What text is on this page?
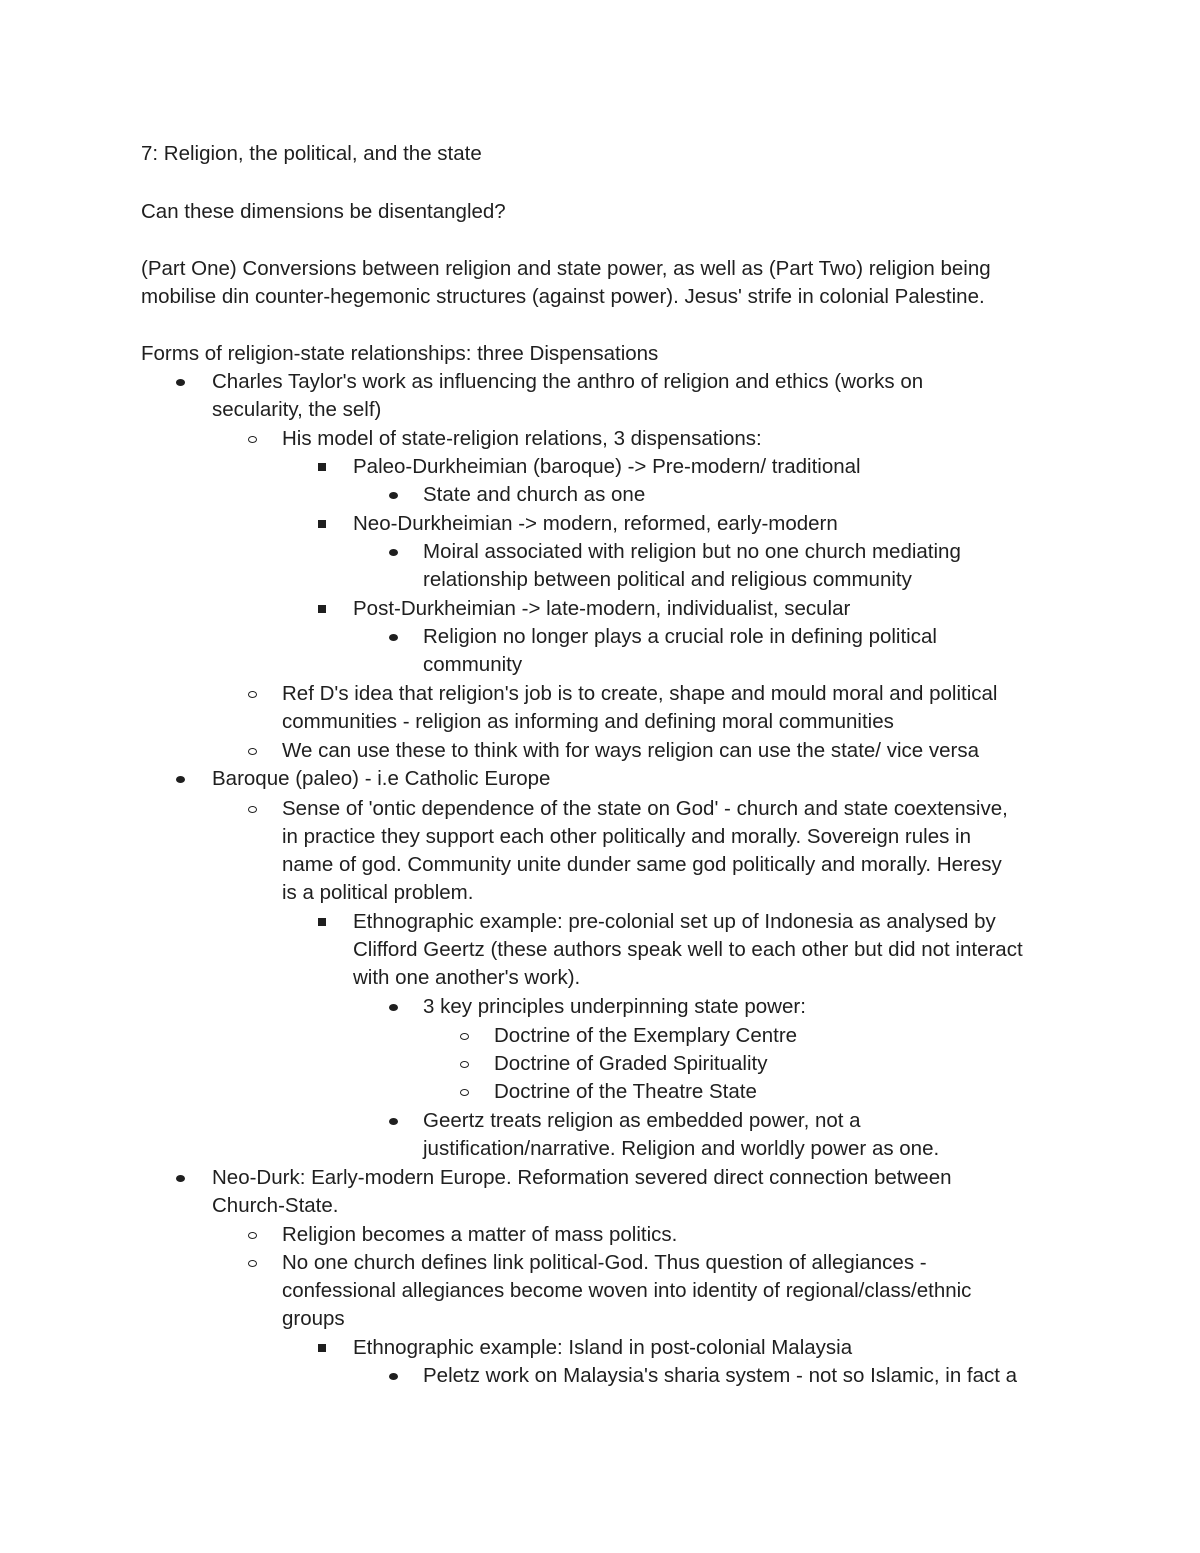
7: Religion, the political, and the state
Can these dimensions be disentangled?
(Part One) Conversions between religion and state power, as well as (Part Two) religion being
mobilise din counter-hegemonic structures (against power). Jesus' strife in colonial Palestine.
Forms of religion-state relationships: three Dispensations
Charles Taylor's work as influencing the anthro of religion and ethics (works on
secularity, the self)
His model of state-religion relations, 3 dispensations:
Paleo-Durkheimian (baroque) -> Pre-modern/ traditional
State and church as one
Neo-Durkheimian -> modern, reformed, early-modern
Moiral associated with religion but no one church mediating
relationship between political and religious community
Post-Durkheimian -> late-modern, individualist, secular
Religion no longer plays a crucial role in defining political
community
Ref D's idea that religion's job is to create, shape and mould moral and political
communities - religion as informing and defining moral communities
We can use these to think with for ways religion can use the state/ vice versa
Baroque (paleo) - i.e Catholic Europe
Sense of 'ontic dependence of the state on God' - church and state coextensive,
in practice they support each other politically and morally. Sovereign rules in
name of god. Community unite dunder same god politically and morally. Heresy
is a political problem.
Ethnographic example: pre-colonial set up of Indonesia as analysed by
Clifford Geertz (these authors speak well to each other but did not interact
with one another's work).
3 key principles underpinning state power:
Doctrine of the Exemplary Centre
Doctrine of Graded Spirituality
Doctrine of the Theatre State
Geertz treats religion as embedded power, not a
justification/narrative. Religion and worldly power as one.
Neo-Durk: Early-modern Europe. Reformation severed direct connection between
Church-State.
Religion becomes a matter of mass politics.
No one church defines link political-God. Thus question of allegiances -
confessional allegiances become woven into identity of regional/class/ethnic
groups
Ethnographic example: Island in post-colonial Malaysia
Peletz work on Malaysia's sharia system - not so Islamic, in fact a
